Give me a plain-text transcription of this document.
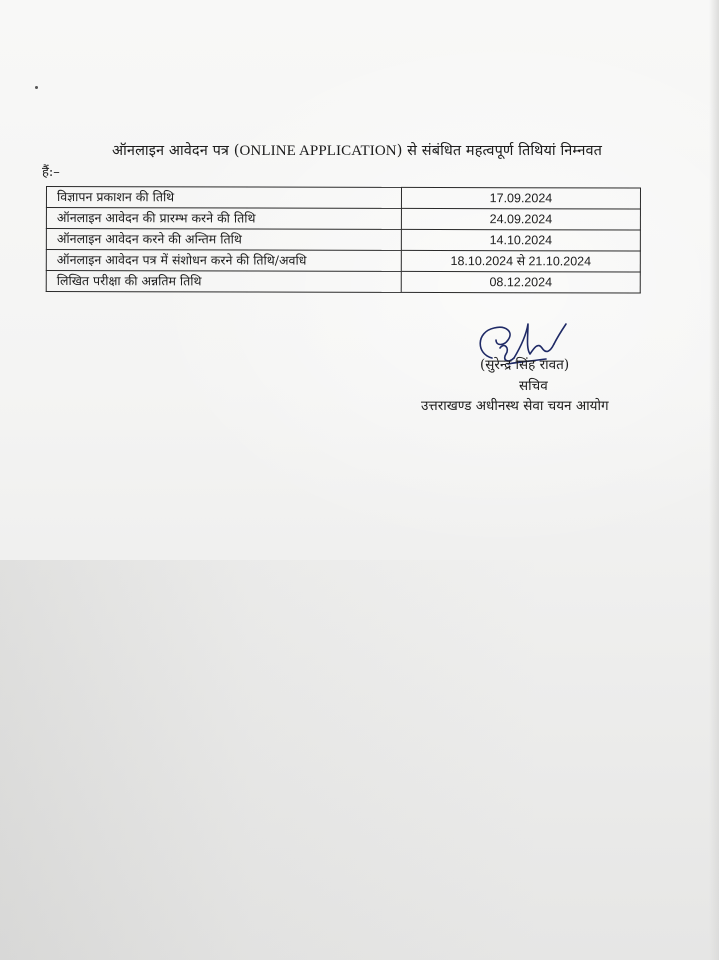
ऑनलाइन आवेदन पत्र (ONLINE APPLICATION) से संबंधित महत्वपूर्ण तिथियां निम्नवत
हैं:–
विज्ञापन प्रकाशन की तिथि	17.09.2024
ऑनलाइन आवेदन की प्रारम्भ करने की तिथि	24.09.2024
ऑनलाइन आवेदन करने की अन्तिम तिथि	14.10.2024
ऑनलाइन आवेदन पत्र में संशोधन करने की तिथि/अवधि	18.10.2024 से 21.10.2024
लिखित परीक्षा की अन्नतिम तिथि	08.12.2024
(सुरेन्द्र सिंह रावत)
सचिव
उत्तराखण्ड अधीनस्थ सेवा चयन आयोग
